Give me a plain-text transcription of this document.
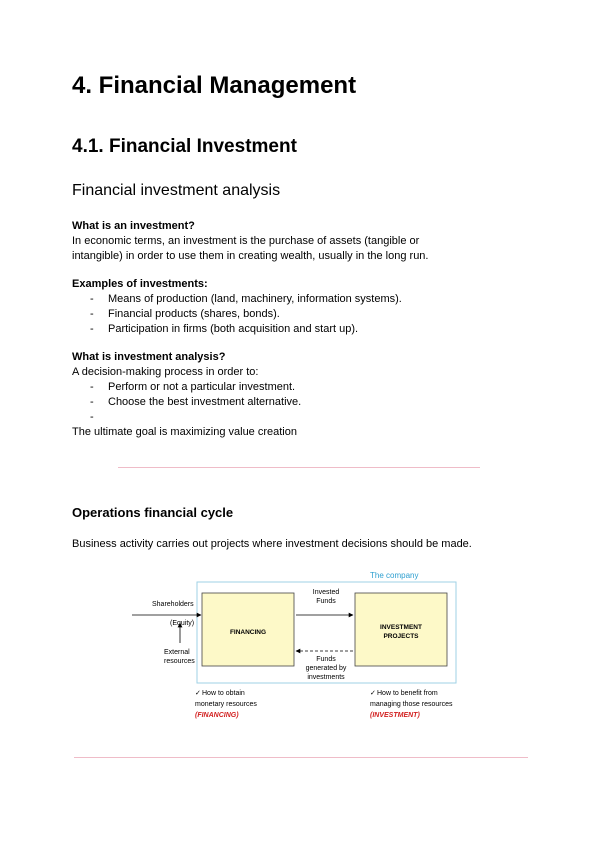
4. Financial Management
4.1. Financial Investment
Financial investment analysis
What is an investment?
In economic terms, an investment is the purchase of assets (tangible or
intangible) in order to use them in creating wealth, usually in the long run.
Examples of investments:
- Means of production (land, machinery, information systems).
- Financial products (shares, bonds).
- Participation in firms (both acquisition and start up).
What is investment analysis?
A decision-making process in order to:
- Perform or not a particular investment.
- Choose the best investment alternative.
-
The ultimate goal is maximizing value creation
Operations financial cycle
Business activity carries out projects where investment decisions should be made.
The company
FINANCING
INVESTMENT
PROJECTS
Shareholders
(Equity)
External
resources
Invested
Funds
Funds
generated by
investments
✓ How to obtain
monetary resources
(FINANCING)
✓ How to benefit from
managing those resources
(INVESTMENT)
